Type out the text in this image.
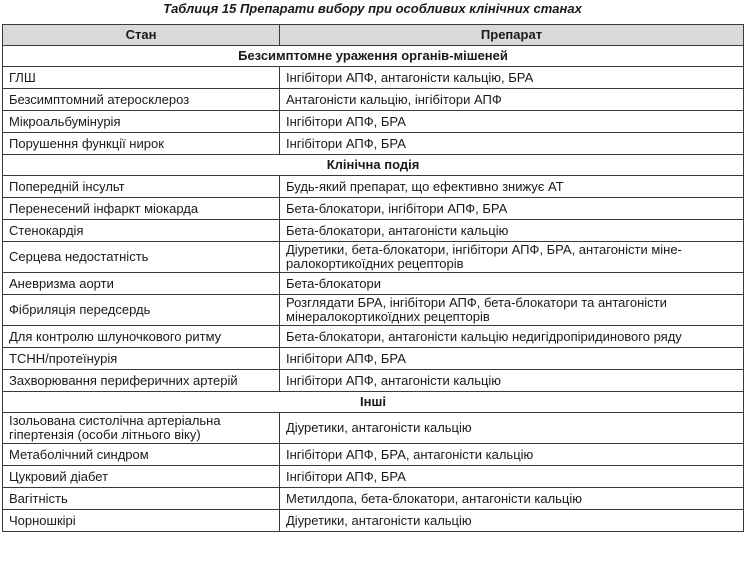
Таблиця 15 Препарати вибору при особливих клінічних станах
Стан	Препарат
Безсимптомне ураження органів-мішеней	
ГЛШ	Інгібітори АПФ, антагоністи кальцію, БРА
Безсимптомний атеросклероз	Антагоністи кальцію, інгібітори АПФ
Мікроальбумінурія	Інгібітори АПФ, БРА
Порушення функції нирок	Інгібітори АПФ, БРА
Клінічна подія	
Попередній інсульт	Будь-який препарат, що ефективно знижує АТ
Перенесений інфаркт міокарда	Бета-блокатори, інгібітори АПФ, БРА
Стенокардія	Бета-блокатори, антагоністи кальцію
Серцева недостатність	Діуретики, бета-блокатори, інгібітори АПФ, БРА, антагоністи міне-ралокортикоїдних рецепторів
Аневризма аорти	Бета-блокатори
Фібриляція передсердь	Розглядати БРА, інгібітори АПФ, бета-блокатори та антагоністи мінералокортикоїдних рецепторів
Для контролю шлуночкового ритму	Бета-блокатори, антагоністи кальцію недигідропіридинового ряду
ТСНН/протеїнурія	Інгібітори АПФ, БРА
Захворювання периферичних артерій	Інгібітори АПФ, антагоністи кальцію
Інші	
Ізольована систолічна артеріальна гіпертензія (особи літнього віку)	Діуретики, антагоністи кальцію
Метаболічний синдром	Інгібітори АПФ, БРА, антагоністи кальцію
Цукровий діабет	Інгібітори АПФ, БРА
Вагітність	Метилдопа, бета-блокатори, антагоністи кальцію
Чорношкірі	Діуретики, антагоністи кальцію
